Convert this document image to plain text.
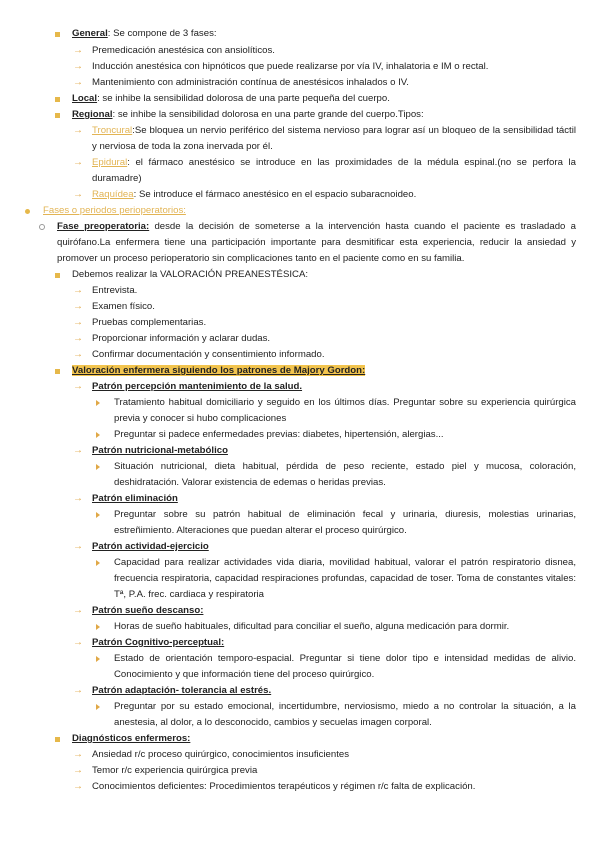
General: Se compone de 3 fases:
→ Premedicación anestésica con ansiolíticos.
→ Inducción anestésica con hipnóticos que puede realizarse por vía IV, inhalatoria e IM o rectal.
→ Mantenimiento con administración contínua de anestésicos inhalados o IV.
Local: se inhibe la sensibilidad dolorosa de una parte pequeña del cuerpo.
Regional: se inhibe la sensibilidad dolorosa en una parte grande del cuerpo.Tipos:
→ Troncural:Se bloquea un nervio periférico del sistema nervioso para lograr así un bloqueo de la sensibilidad táctil y nerviosa de toda la zona inervada por él.
→ Epidural: el fármaco anestésico se introduce en las proximidades de la médula espinal.(no se perfora la duramadre)
→ Raquídea: Se introduce el fármaco anestésico en el espacio subaracnoideo.
Fases o periodos perioperatorios:
Fase preoperatoria: desde la decisión de someterse a la intervención hasta cuando el paciente es trasladado a quirófano.La enfermera tiene una participación importante para desmitificar esta experiencia, reducir la ansiedad y promover un proceso perioperatorio sin complicaciones tanto en el paciente como en su familia.
Debemos realizar la VALORACIÓN PREANESTÉSICA:
→ Entrevista.
→ Examen físico.
→ Pruebas complementarias.
→ Proporcionar información y aclarar dudas.
→ Confirmar documentación y consentimiento informado.
Valoración enfermera siguiendo los patrones de Majory Gordon:
→ Patrón percepción mantenimiento de la salud.
Tratamiento habitual domiciliario y seguido en los últimos días. Preguntar sobre su experiencia quirúrgica previa y conocer si hubo complicaciones
Preguntar si padece enfermedades previas: diabetes, hipertensión, alergias...
→ Patrón nutricional-metabólico
Situación nutricional, dieta habitual, pérdida de peso reciente, estado piel y mucosa, coloración, deshidratación. Valorar existencia de edemas o heridas previas.
→ Patrón eliminación
Preguntar sobre su patrón habitual de eliminación fecal y urinaria, diuresis, molestias urinarias, estreñimiento. Alteraciones que puedan alterar el proceso quirúrgico.
→ Patrón actividad-ejercicio
Capacidad para realizar actividades vida diaria, movilidad habitual, valorar el patrón respiratorio disnea, frecuencia respiratoria, capacidad respiraciones profundas, capacidad de toser. Toma de constantes vitales: Tª, P.A. frec. cardiaca y respiratoria
→ Patrón sueño descanso:
Horas de sueño habituales, dificultad para conciliar el sueño, alguna medicación para dormir.
→ Patrón Cognitivo-perceptual:
Estado de orientación temporo-espacial. Preguntar si tiene dolor tipo e intensidad medidas de alivio. Conocimiento y que información tiene del proceso quirúrgico.
→ Patrón adaptación- tolerancia al estrés.
Preguntar por su estado emocional, incertidumbre, nerviosismo, miedo a no controlar la situación, a la anestesia, al dolor, a lo desconocido, cambios y secuelas imagen corporal.
Diagnósticos enfermeros:
→ Ansiedad r/c proceso quirúrgico, conocimientos insuficientes
→ Temor r/c experiencia quirúrgica previa
→ Conocimientos deficientes: Procedimientos terapéuticos y régimen r/c falta de explicación.
